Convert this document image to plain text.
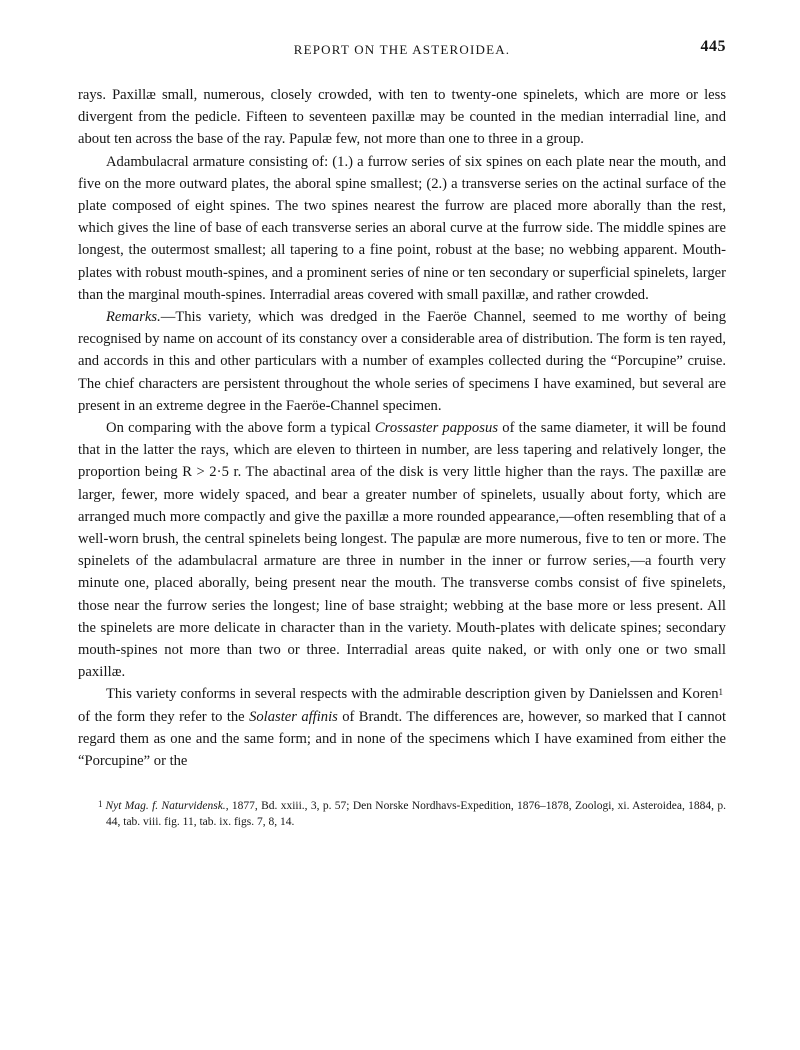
REPORT ON THE ASTEROIDEA.	445

rays. Paxillæ small, numerous, closely crowded, with ten to twenty-one spinelets, which are more or less divergent from the pedicle. Fifteen to seventeen paxillæ may be counted in the median interradial line, and about ten across the base of the ray. Papulæ few, not more than one to three in a group.

Adambulacral armature consisting of: (1.) a furrow series of six spines on each plate near the mouth, and five on the more outward plates, the aboral spine smallest; (2.) a transverse series on the actinal surface of the plate composed of eight spines. The two spines nearest the furrow are placed more aborally than the rest, which gives the line of base of each transverse series an aboral curve at the furrow side. The middle spines are longest, the outermost smallest; all tapering to a fine point, robust at the base; no webbing apparent. Mouth-plates with robust mouth-spines, and a prominent series of nine or ten secondary or superficial spinelets, larger than the marginal mouth-spines. Interradial areas covered with small paxillæ, and rather crowded.

Remarks.—This variety, which was dredged in the Faeröe Channel, seemed to me worthy of being recognised by name on account of its constancy over a considerable area of distribution. The form is ten rayed, and accords in this and other particulars with a number of examples collected during the “Porcupine” cruise. The chief characters are persistent throughout the whole series of specimens I have examined, but several are present in an extreme degree in the Faeröe-Channel specimen.

On comparing with the above form a typical Crossaster papposus of the same diameter, it will be found that in the latter the rays, which are eleven to thirteen in number, are less tapering and relatively longer, the proportion being R > 2·5 r. The abactinal area of the disk is very little higher than the rays. The paxillæ are larger, fewer, more widely spaced, and bear a greater number of spinelets, usually about forty, which are arranged much more compactly and give the paxillæ a more rounded appearance,—often resembling that of a well-worn brush, the central spinelets being longest. The papulæ are more numerous, five to ten or more. The spinelets of the adambulacral armature are three in number in the inner or furrow series,—a fourth very minute one, placed aborally, being present near the mouth. The transverse combs consist of five spinelets, those near the furrow series the longest; line of base straight; webbing at the base more or less present. All the spinelets are more delicate in character than in the variety. Mouth-plates with delicate spines; secondary mouth-spines not more than two or three. Interradial areas quite naked, or with only one or two small paxillæ.

This variety conforms in several respects with the admirable description given by Danielssen and Koren$^1$ of the form they refer to the Solaster affinis of Brandt. The differences are, however, so marked that I cannot regard them as one and the same form; and in none of the specimens which I have examined from either the “Porcupine” or the

$^1$ Nyt Mag. f. Naturvidensk., 1877, Bd. xxiii., 3, p. 57; Den Norske Nordhavs-Expedition, 1876–1878, Zoologi, xi. Asteroidea, 1884, p. 44, tab. viii. fig. 11, tab. ix. figs. 7, 8, 14.
